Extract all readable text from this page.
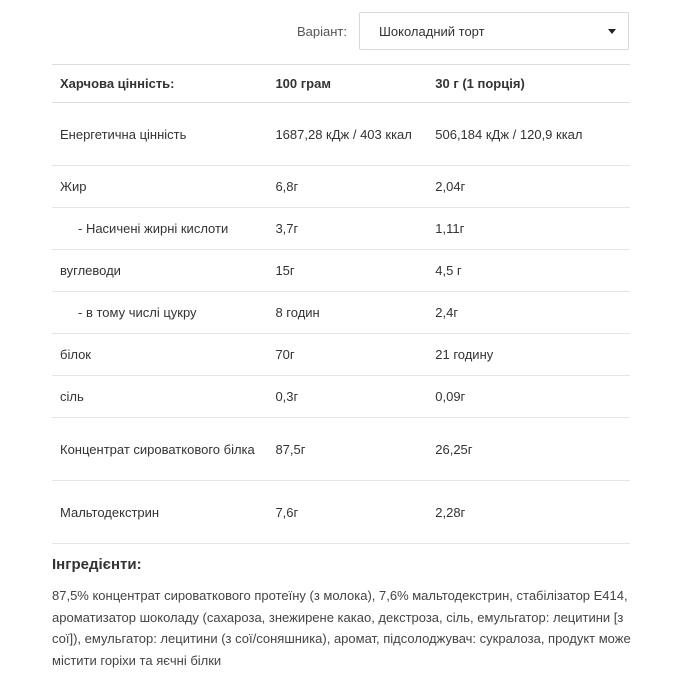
Варіант: Шоколадний торт
Харчова цінність:	100 грам	30 г (1 порція)
Енергетична цінність	1687,28 кДж / 403 ккал	506,184 кДж / 120,9 ккал
Жир	6,8г	2,04г
- Насичені жирні кислоти	3,7г	1,11г
вуглеводи	15г	4,5 г
- в тому числі цукру	8 годин	2,4г
білок	70г	21 годину
сіль	0,3г	0,09г
Концентрат сироваткового білка	87,5г	26,25г
Мальтодекстрин	7,6г	2,28г
Інгредієнти:
87,5% концентрат сироваткового протеїну (з молока), 7,6% мальтодекстрин, стабілізатор E414, ароматизатор шоколаду (сахароза, знежирене какао, декстроза, сіль, емульгатор: лецитини [з сої]), емульгатор: лецитини (з сої/соняшника), аромат, підсолоджувач: сукралоза, продукт може містити горіхи та яєчні білки
